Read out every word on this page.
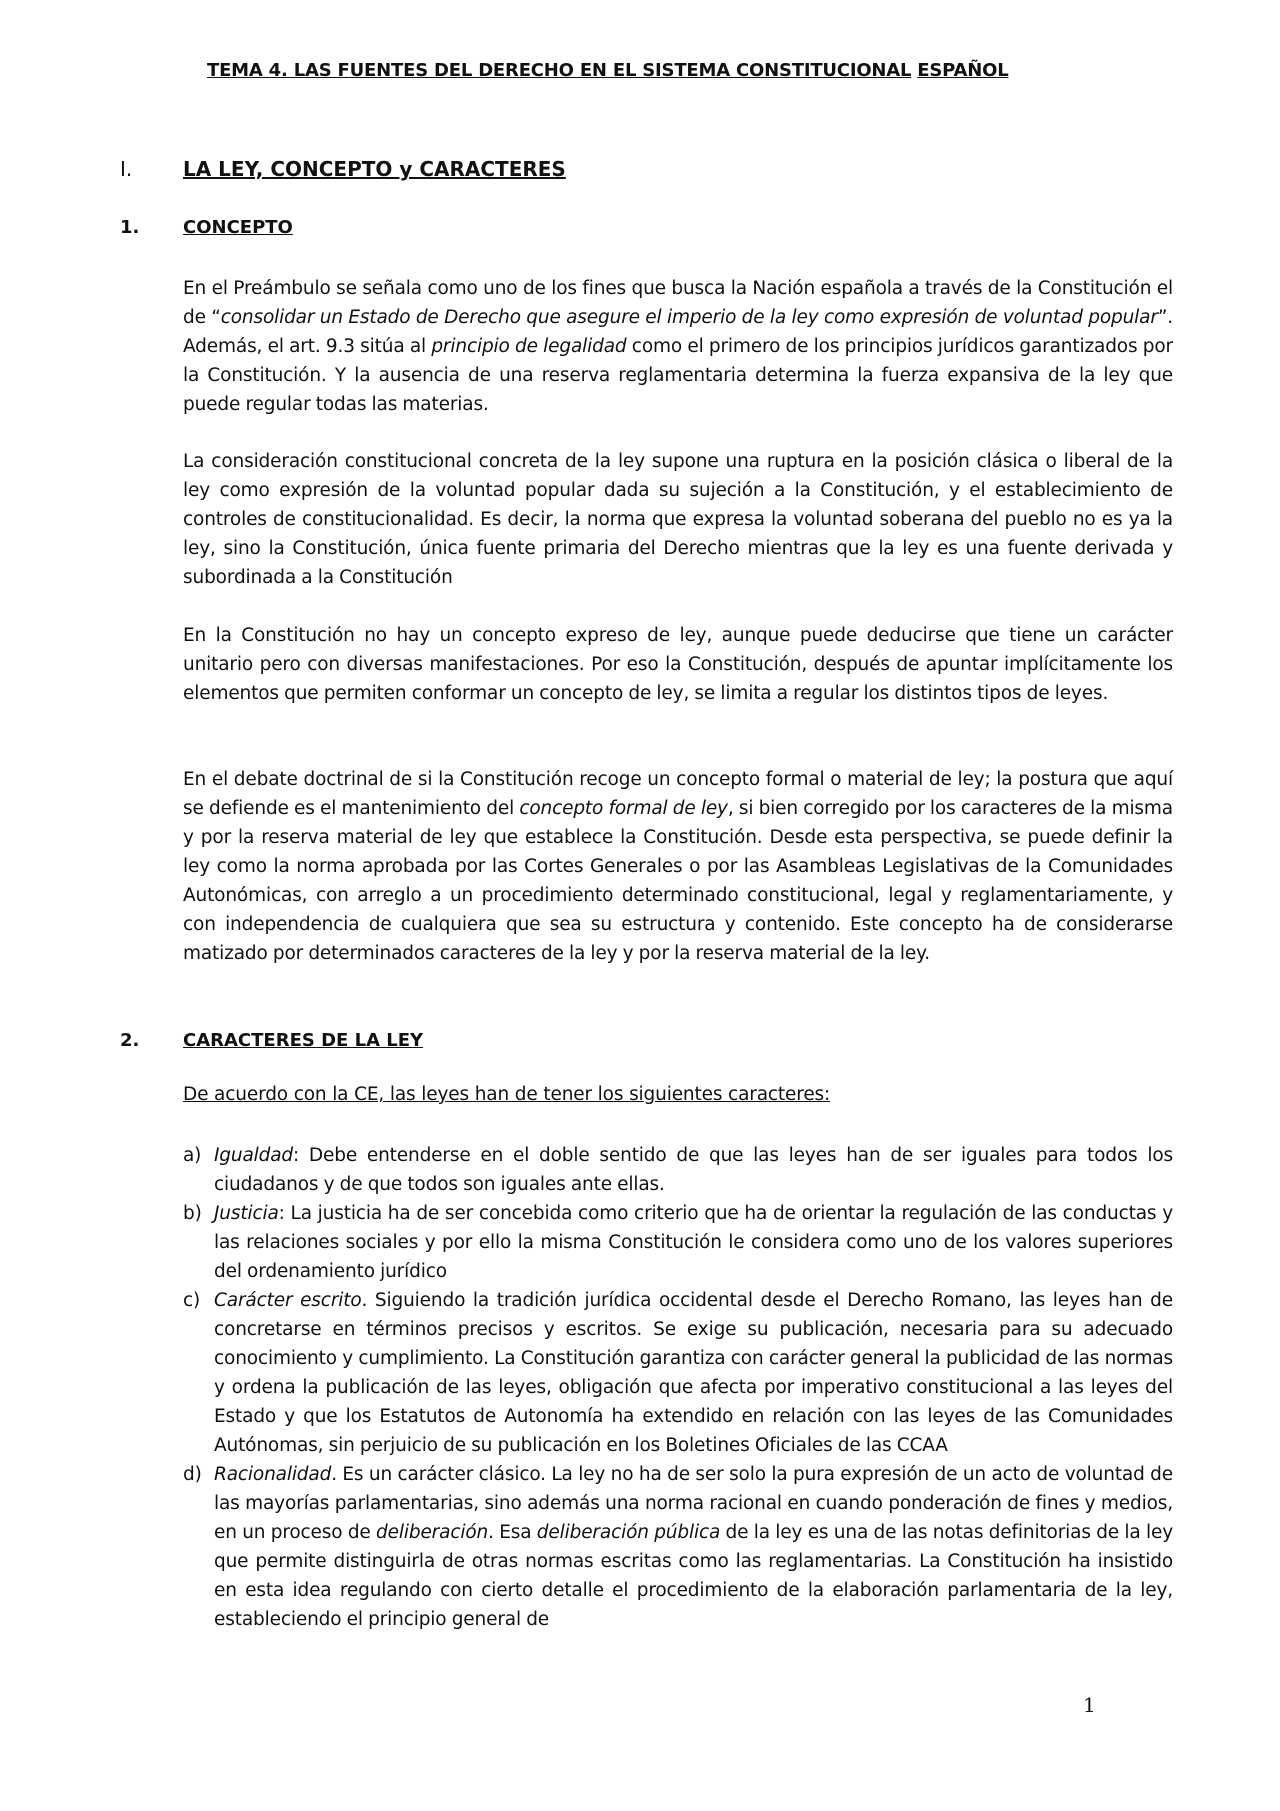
TEMA 4. LAS FUENTES DEL DERECHO EN EL SISTEMA CONSTITUCIONAL ESPAÑOL
I.	LA LEY, CONCEPTO y CARACTERES
1. CONCEPTO

En el Preámbulo se señala como uno de los fines que busca la Nación española a través de la Constitución el de “consolidar un Estado de Derecho que asegure el imperio de la ley como expresión de voluntad popular”. Además, el art. 9.3 sitúa al principio de legalidad como el primero de los principios jurídicos garantizados por la Constitución. Y la ausencia de una reserva reglamentaria determina la fuerza expansiva de la ley que puede regular todas las materias.

La consideración constitucional concreta de la ley supone una ruptura en la posición clásica o liberal de la ley como expresión de la voluntad popular dada su sujeción a la Constitución, y el establecimiento de controles de constitucionalidad. Es decir, la norma que expresa la voluntad soberana del pueblo no es ya la ley, sino la Constitución, única fuente primaria del Derecho mientras que la ley es una fuente derivada y subordinada a la Constitución

En la Constitución no hay un concepto expreso de ley, aunque puede deducirse que tiene un carácter unitario pero con diversas manifestaciones. Por eso la Constitución, después de apuntar implícitamente los elementos que permiten conformar un concepto de ley, se limita a regular los distintos tipos de leyes.

En el debate doctrinal de si la Constitución recoge un concepto formal o material de ley; la postura que aquí se defiende es el mantenimiento del concepto formal de ley, si bien corregido por los caracteres de la misma y por la reserva material de ley que establece la Constitución. Desde esta perspectiva, se puede definir la ley como la norma aprobada por las Cortes Generales o por las Asambleas Legislativas de la Comunidades Autonómicas, con arreglo a un procedimiento determinado constitucional, legal y reglamentariamente, y con independencia de cualquiera que sea su estructura y contenido. Este concepto ha de considerarse matizado por determinados caracteres de la ley y por la reserva material de la ley.

2. CARACTERES DE LA LEY
De acuerdo con la CE, las leyes han de tener los siguientes caracteres:
a) Igualdad: Debe entenderse en el doble sentido de que las leyes han de ser iguales para todos los ciudadanos y de que todos son iguales ante ellas.
b) Justicia: La justicia ha de ser concebida como criterio que ha de orientar la regulación de las conductas y las relaciones sociales y por ello la misma Constitución le considera como uno de los valores superiores del ordenamiento jurídico
c) Carácter escrito. Siguiendo la tradición jurídica occidental desde el Derecho Romano, las leyes han de concretarse en términos precisos y escritos. Se exige su publicación, necesaria para su adecuado conocimiento y cumplimiento. La Constitución garantiza con carácter general la publicidad de las normas y ordena la publicación de las leyes, obligación que afecta por imperativo constitucional a las leyes del Estado y que los Estatutos de Autonomía ha extendido en relación con las leyes de las Comunidades Autónomas, sin perjuicio de su publicación en los Boletines Oficiales de las CCAA
d) Racionalidad. Es un carácter clásico. La ley no ha de ser solo la pura expresión de un acto de voluntad de las mayorías parlamentarias, sino además una norma racional en cuando ponderación de fines y medios, en un proceso de deliberación. Esa deliberación pública de la ley es una de las notas definitorias de la ley que permite distinguirla de otras normas escritas como las reglamentarias. La Constitución ha insistido en esta idea regulando con cierto detalle el procedimiento de la elaboración parlamentaria de la ley, estableciendo el principio general de
1
